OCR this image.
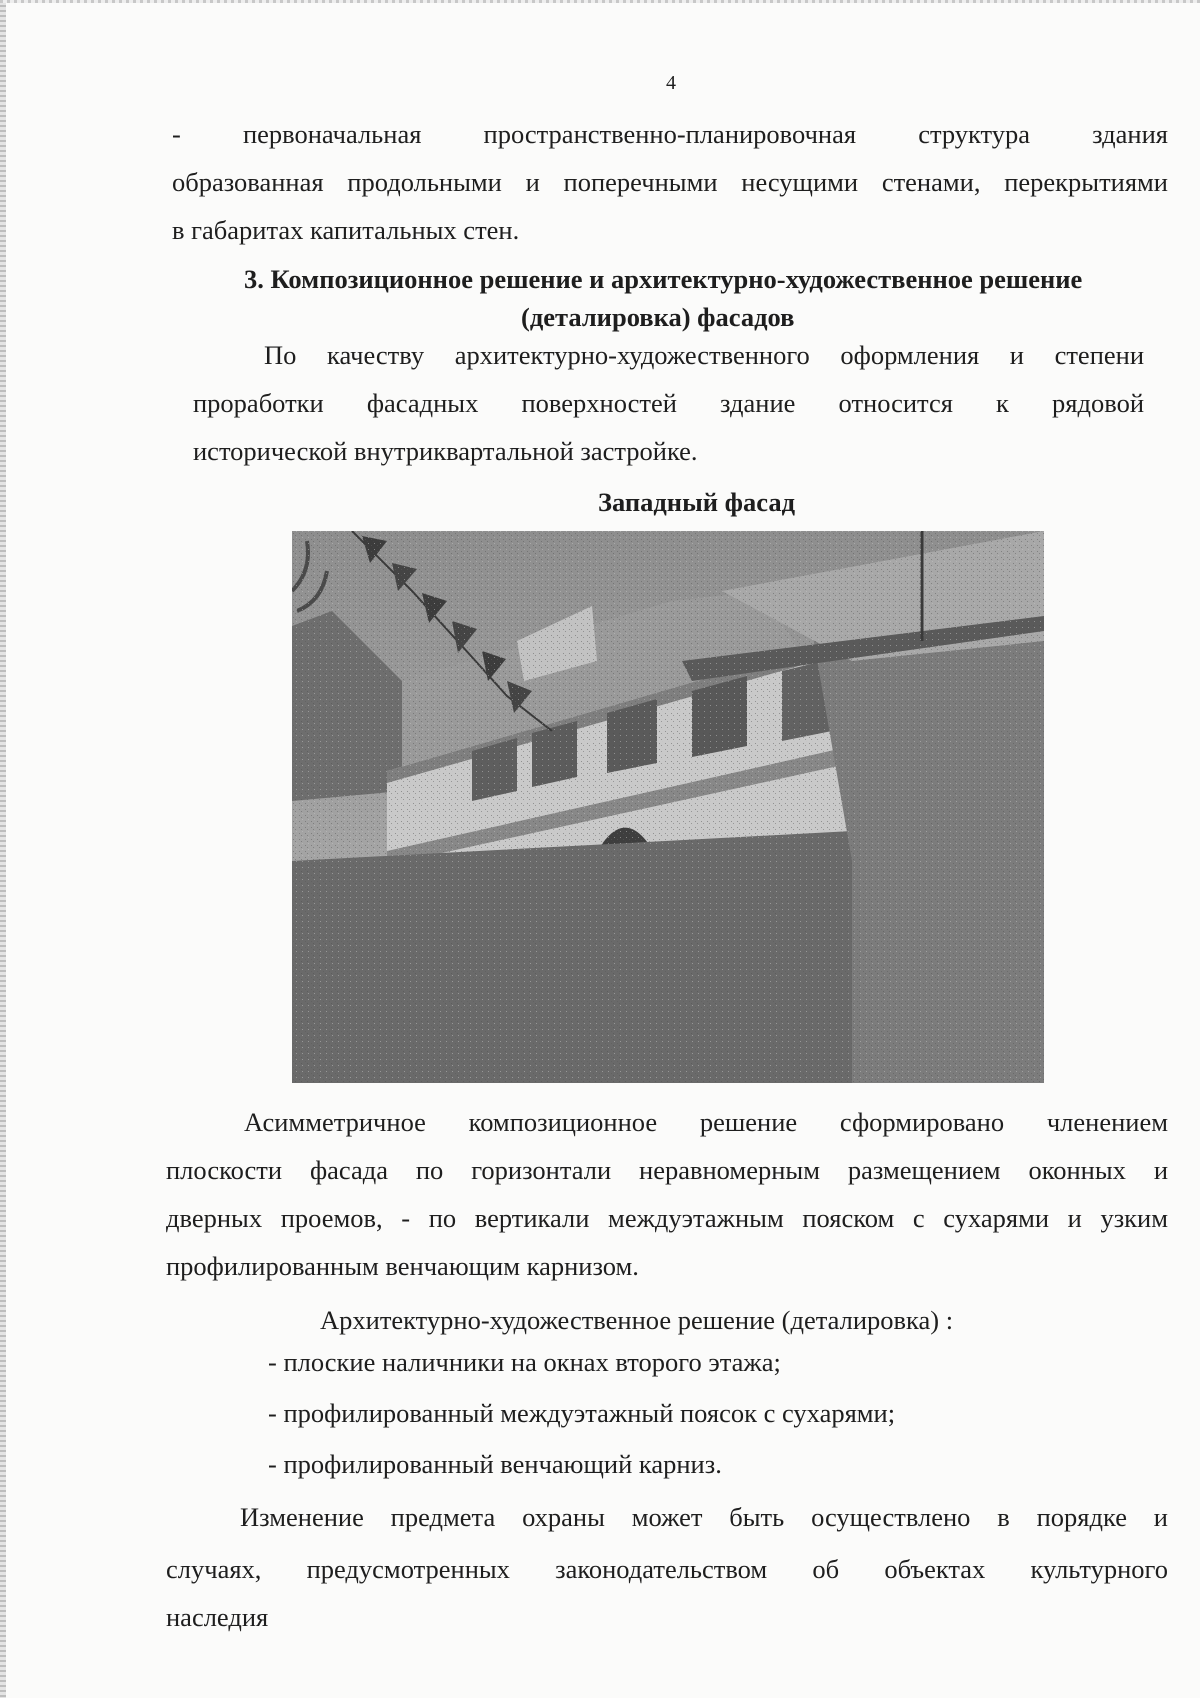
4
- первоначальная пространственно-планировочная структура здания
образованная продольными и поперечными несущими стенами, перекрытиями
в габаритах капитальных стен.
3. Композиционное решение и архитектурно-художественное решение
(деталировка) фасадов
По качеству архитектурно-художественного оформления и степени
проработки фасадных поверхностей здание относится к рядовой
исторической внутриквартальной застройке.
Западный фасад
Асимметричное композиционное решение сформировано членением
плоскости фасада по горизонтали неравномерным размещением оконных и
дверных проемов, - по вертикали междуэтажным пояском с сухарями и узким
профилированным венчающим карнизом.
Архитектурно-художественное решение (деталировка) :
- плоские наличники на окнах второго этажа;
- профилированный междуэтажный поясок с сухарями;
- профилированный венчающий карниз.
Изменение предмета охраны может быть осуществлено в порядке и
случаях, предусмотренных законодательством об объектах культурного
наследия
